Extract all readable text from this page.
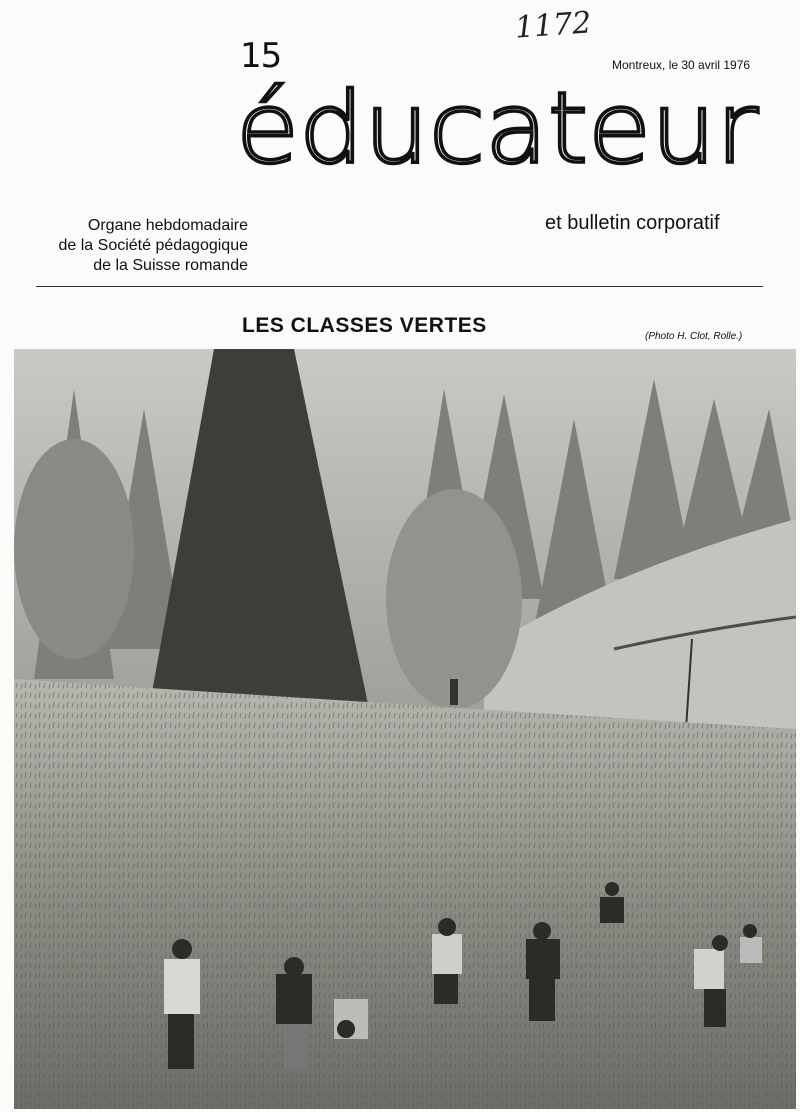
15
1172
Montreux, le 30 avril 1976
éducateur
Organe hebdomadaire
de la Société pédagogique
de la Suisse romande
et bulletin corporatif
LES CLASSES VERTES	(Photo H. Clot, Rolle.)
